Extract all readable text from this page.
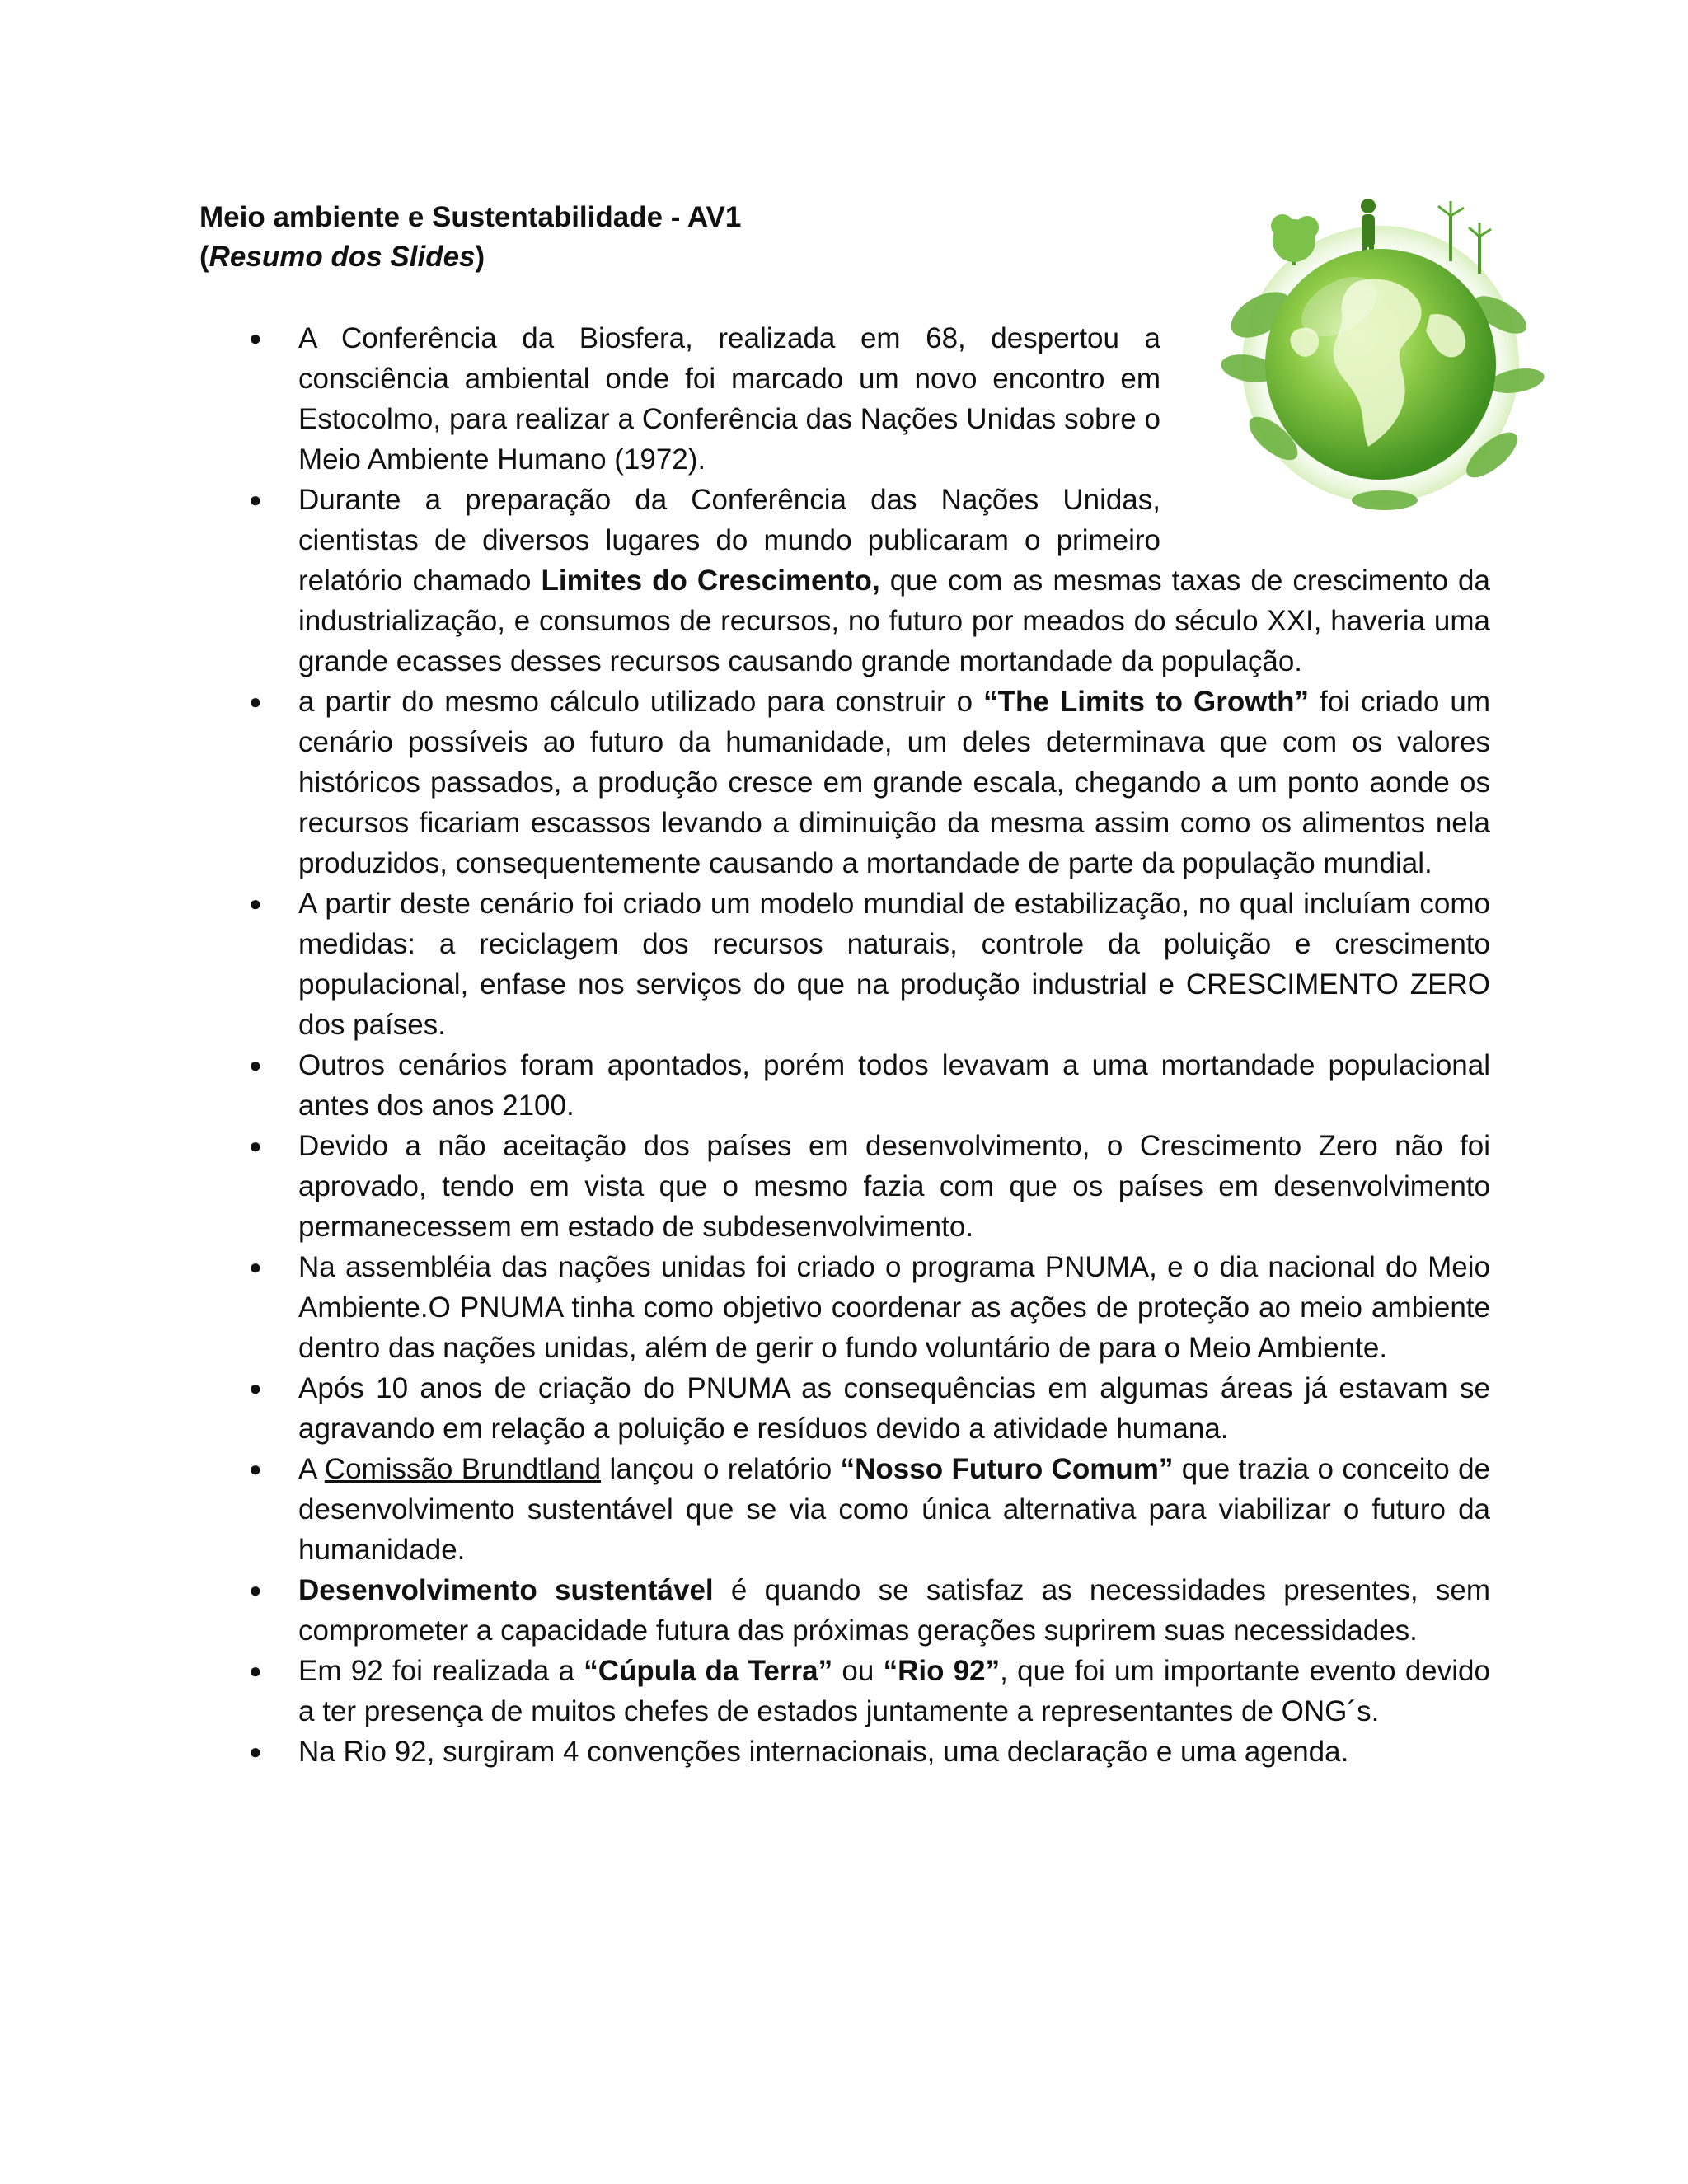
Meio ambiente e Sustentabilidade - AV1
(Resumo dos Slides)
● A Conferência da Biosfera, realizada em 68, despertou a consciência ambiental onde foi marcado um novo encontro em Estocolmo, para realizar a Conferência das Nações Unidas sobre o Meio Ambiente Humano (1972).
● Durante a preparação da Conferência das Nações Unidas, cientistas de diversos lugares do mundo publicaram o primeiro relatório chamado Limites do Crescimento, que com as mesmas taxas de crescimento da industrialização, e consumos de recursos, no futuro por meados do século XXI, haveria uma grande ecasses desses recursos causando grande mortandade da população.
● a partir do mesmo cálculo utilizado para construir o “The Limits to Growth” foi criado um cenário possíveis ao futuro da humanidade, um deles determinava que com os valores históricos passados, a produção cresce em grande escala, chegando a um ponto aonde os recursos ficariam escassos levando a diminuição da mesma assim como os alimentos nela produzidos, consequentemente causando a mortandade de parte da população mundial.
● A partir deste cenário foi criado um modelo mundial de estabilização, no qual incluíam como medidas: a reciclagem dos recursos naturais, controle da poluição e crescimento populacional, enfase nos serviços do que na produção industrial e CRESCIMENTO ZERO dos países.
● Outros cenários foram apontados, porém todos levavam a uma mortandade populacional antes dos anos 2100.
● Devido a não aceitação dos países em desenvolvimento, o Crescimento Zero não foi aprovado, tendo em vista que o mesmo fazia com que os países em desenvolvimento permanecessem em estado de subdesenvolvimento.
● Na assembléia das nações unidas foi criado o programa PNUMA, e o dia nacional do Meio Ambiente.O PNUMA tinha como objetivo coordenar as ações de proteção ao meio ambiente dentro das nações unidas, além de gerir o fundo voluntário de para o Meio Ambiente.
● Após 10 anos de criação do PNUMA as consequências em algumas áreas já estavam se agravando em relação a poluição e resíduos devido a atividade humana.
● A Comissão Brundtland lançou o relatório “Nosso Futuro Comum” que trazia o conceito de desenvolvimento sustentável que se via como única alternativa para viabilizar o futuro da humanidade.
● Desenvolvimento sustentável é quando se satisfaz as necessidades presentes, sem comprometer a capacidade futura das próximas gerações suprirem suas necessidades.
● Em 92 foi realizada a “Cúpula da Terra” ou “Rio 92”, que foi um importante evento devido a ter presença de muitos chefes de estados juntamente a representantes de ONG´s.
● Na Rio 92, surgiram 4 convenções internacionais, uma declaração e uma agenda.
